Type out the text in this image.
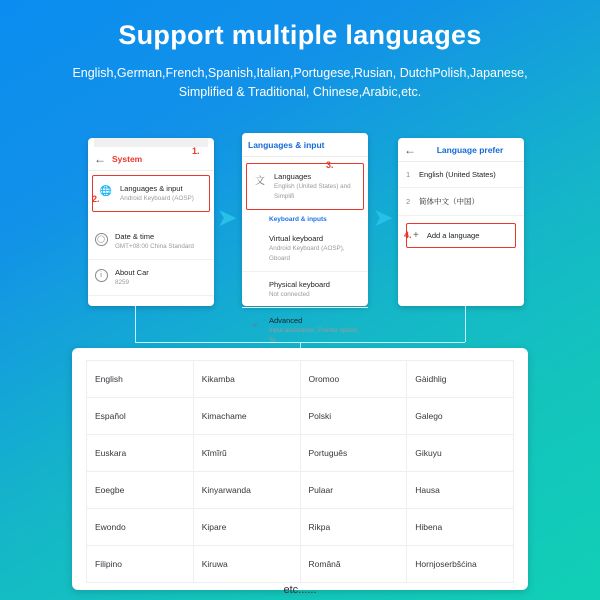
Support multiple languages
English,German,French,Spanish,Italian,Portugese,Rusian, DutchPolish,Japanese, Simplified & Traditional, Chinese,Arabic,etc.
← System
🌐 Languages & input
Android Keyboard (AOSP)
◯	Date & time
GMT+08:00 China Standard
i	About Car
8259
1.
2.
Languages & input
文 Languages
English (United States) and Simplifi
Keyboard & inputs
Virtual keyboard
Android Keyboard (AOSP), Gboard
Physical keyboard
Not connected
⌄	Advanced
Input assistance, Pointer speed, Te
3.
←	Language prefer
1	English (United States)
2	简体中文（中国）
+ Add a language
4.
➤	➤
English	Kikamba	Oromoo	Gàidhlig
Español	Kimachame	Polski	Galego
Euskara	Kĩmĩrũ	Português	Gikuyu
Eoegbe	Kinyarwanda	Pulaar	Hausa
Ewondo	Kipare	Rikpa	Hibena
Filipino	Kiruwa	Română	Hornjoserbšćina
etc......
